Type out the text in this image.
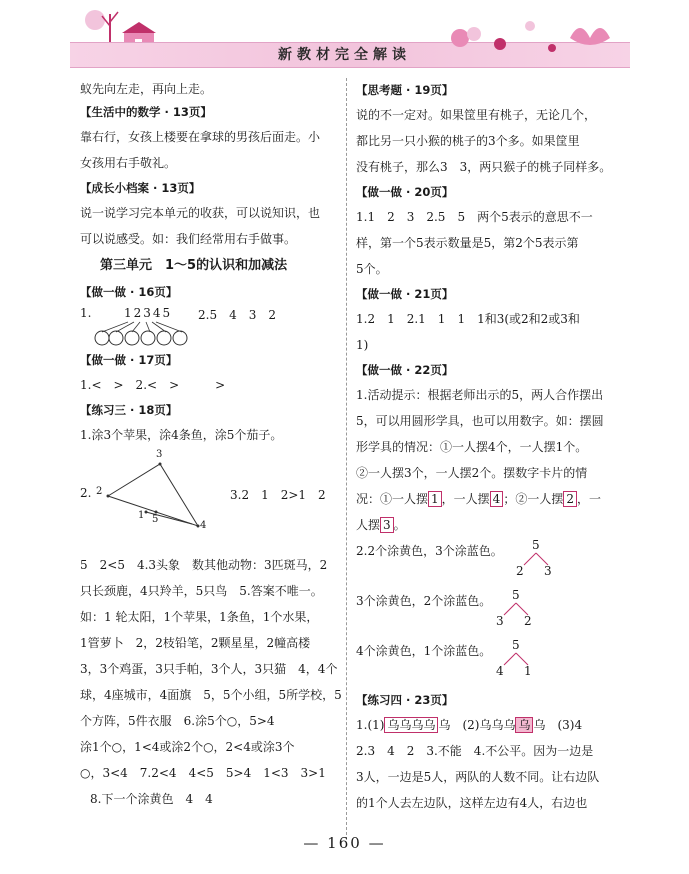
新教材完全解读
蚁先向左走，再向上走。
【生活中的数学 · 13页】
靠右行，女孩上楼要在拿球的男孩后面走。小
女孩用右手敬礼。
【成长小档案 · 13页】
说一说学习完本单元的收获，可以说知识，也
可以说感受。如：我们经常用右手做事。
第三单元　1～5的认识和加减法
【做一做 · 16页】
1.	12345 2.5　4　3　2
【做一做 · 17页】
1.<　>　2.<　>　　　>
【练习三 · 18页】
1.涂3个苹果，涂4条鱼，涂5个茄子。
2. 2
3
1 5
4
3.2　1　2>1　2
5　2<5　4.3头象　数其他动物：3匹斑马，2
只长颈鹿，4只羚羊，5只鸟　5.答案不唯一。
如：1 轮太阳，1个苹果，1条鱼，1个水果，
1管萝卜　2，2枝铅笔，2颗星星，2幢高楼
3，3个鸡蛋，3只手帕，3个人，3只猫　4，4个
球，4座城市，4面旗　5，5个小组，5所学校，5
个方阵，5件衣服　6.涂5个○，5>4
涂1个○，1<4或涂2个○，2<4或涂3个
○，3<4　7.2<4　4<5　5>4　1<3　3>1
8.下一个涂黄色　4　4
【思考题 · 19页】
说的不一定对。如果筐里有桃子，无论几个，
都比另一只小猴的桃子的3个多。如果筐里
没有桃子，那么3　3，两只猴子的桃子同样多。
【做一做 · 20页】
1.1　2　3　2.5　5　两个5表示的意思不一
样，第一个5表示数量是5，第2个5表示第
5个。
【做一做 · 21页】
1.2　1　2.1　1　1　1和3(或2和2或3和
1)
【做一做 · 22页】
1.活动提示：根据老师出示的5，两人合作摆出
5，可以用圆形学具，也可以用数字。如：摆圆
形学具的情况：①一人摆4个，一人摆1个。
②一人摆3个，一人摆2个。摆数字卡片的情
况：①一人摆 1 ，一人摆 4 ；②一人摆 2 ，一
人摆 3 。
2.2个涂黄色，3个涂蓝色。 5
2 3
3个涂黄色，2个涂蓝色。 5
3 2
4个涂黄色，1个涂蓝色。 5
4 1
【练习四 · 23页】
1.(1) 乌乌乌乌 乌　(2)乌乌乌 乌 乌　(3)4
2.3　4　2　3.不能　4.不公平。因为一边是
3人，一边是5人，两队的人数不同。让右边队
的1个人去左边队，这样左边有4人，右边也
— 160 —
